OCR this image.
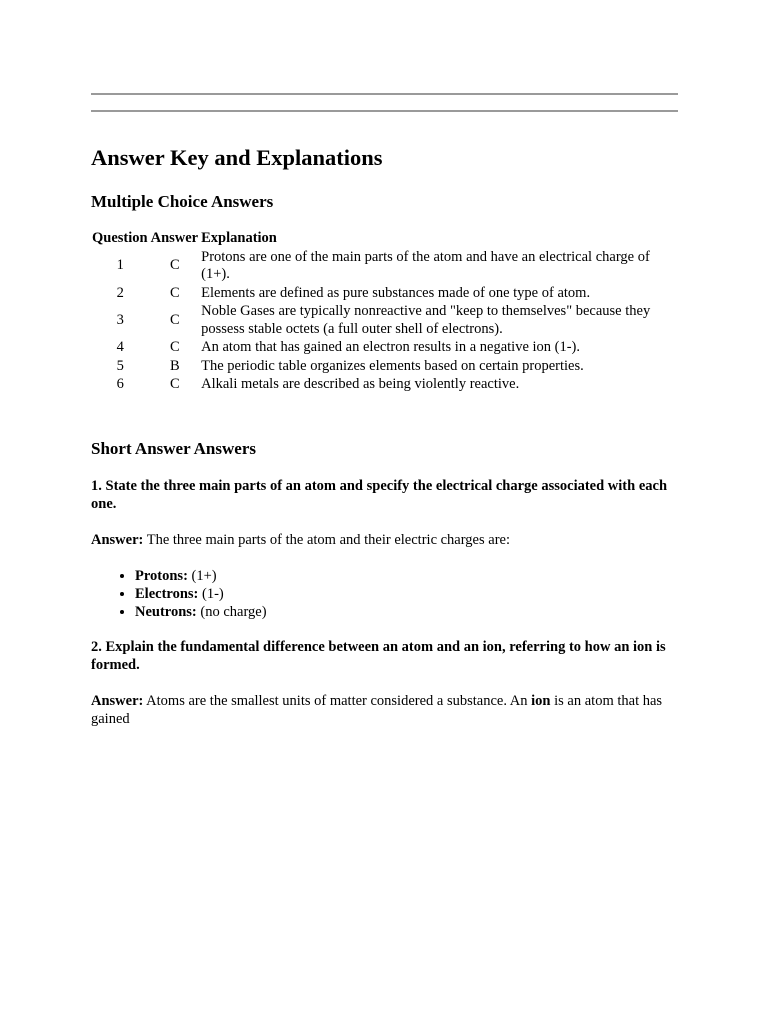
Answer Key and Explanations
Multiple Choice Answers
Question	Answer	Explanation
1	C	Protons are one of the main parts of the atom and have an electrical charge of (1+).
2	C	Elements are defined as pure substances made of one type of atom.
3	C	Noble Gases are typically nonreactive and "keep to themselves" because they possess stable octets (a full outer shell of electrons).
4	C	An atom that has gained an electron results in a negative ion (1-).
5	B	The periodic table organizes elements based on certain properties.
6	C	Alkali metals are described as being violently reactive.
Short Answer Answers

1. State the three main parts of an atom and specify the electrical charge associated with each one.

Answer: The three main parts of the atom and their electric charges are:

• Protons: (1+)
• Electrons: (1-)
• Neutrons: (no charge)

2. Explain the fundamental difference between an atom and an ion, referring to how an ion is formed.

Answer: Atoms are the smallest units of matter considered a substance. An ion is an atom that has gained
